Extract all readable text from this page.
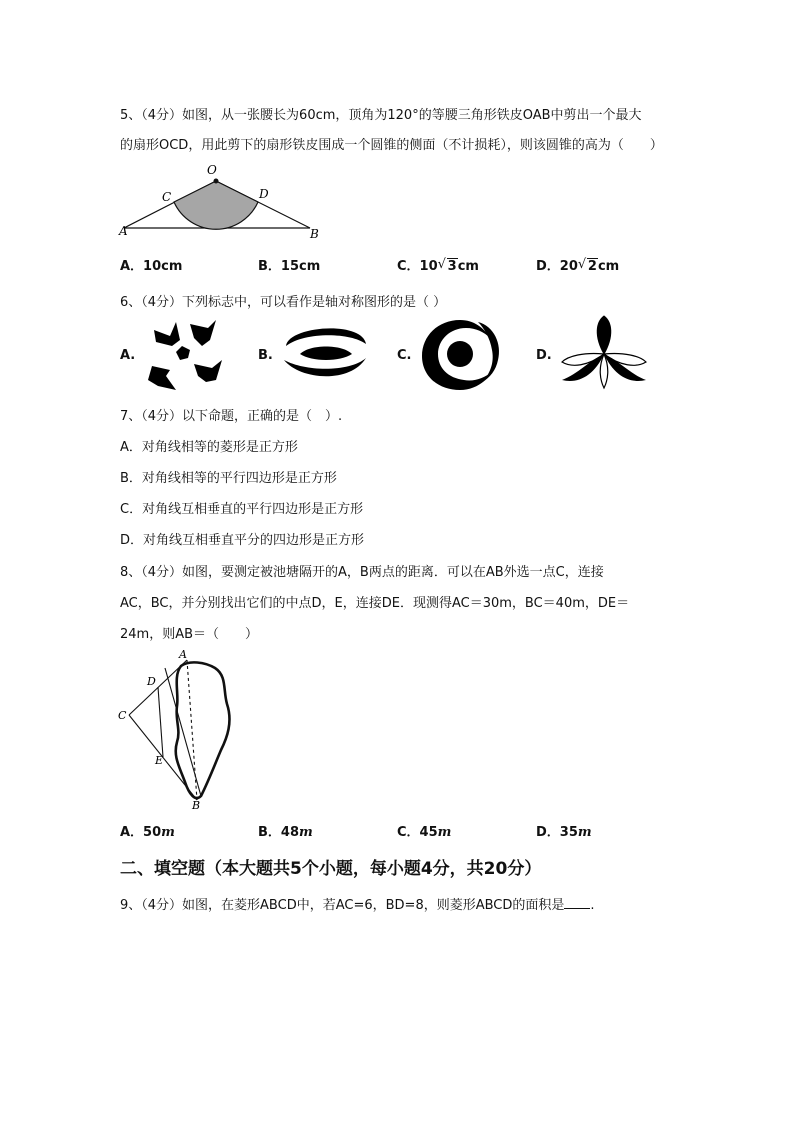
5、（4分）如图，从一张腰长为60cm，顶角为120°的等腰三角形铁皮OAB中剪出一个最大
的扇形OCD，用此剪下的扇形铁皮围成一个圆锥的侧面（不计损耗），则该圆锥的高为（　　）
O
C	D
A	B
A．10cm	B．15cm	C．10 √ 3cm	D．20 √ 2cm
6、（4分）下列标志中，可以看作是轴对称图形的是（ ）
A.	B.	C.	D.
7、（4分）以下命题，正确的是（　）.
A．对角线相等的菱形是正方形
B．对角线相等的平行四边形是正方形
C．对角线互相垂直的平行四边形是正方形
D．对角线互相垂直平分的四边形是正方形
8、（4分）如图，要测定被池塘隔开的A，B两点的距离．可以在AB外选一点C，连接
AC，BC，并分别找出它们的中点D，E，连接DE．现测得AC＝30m，BC＝40m，DE＝
24m，则AB＝（　　）
A
D
C
E
B
A．50m	B．48m	C．45m	D．35m
二、填空题（本大题共5个小题，每小题4分，共20分）
9、（4分）如图，在菱形ABCD中，若AC=6，BD=8，则菱形ABCD的面积是 .
